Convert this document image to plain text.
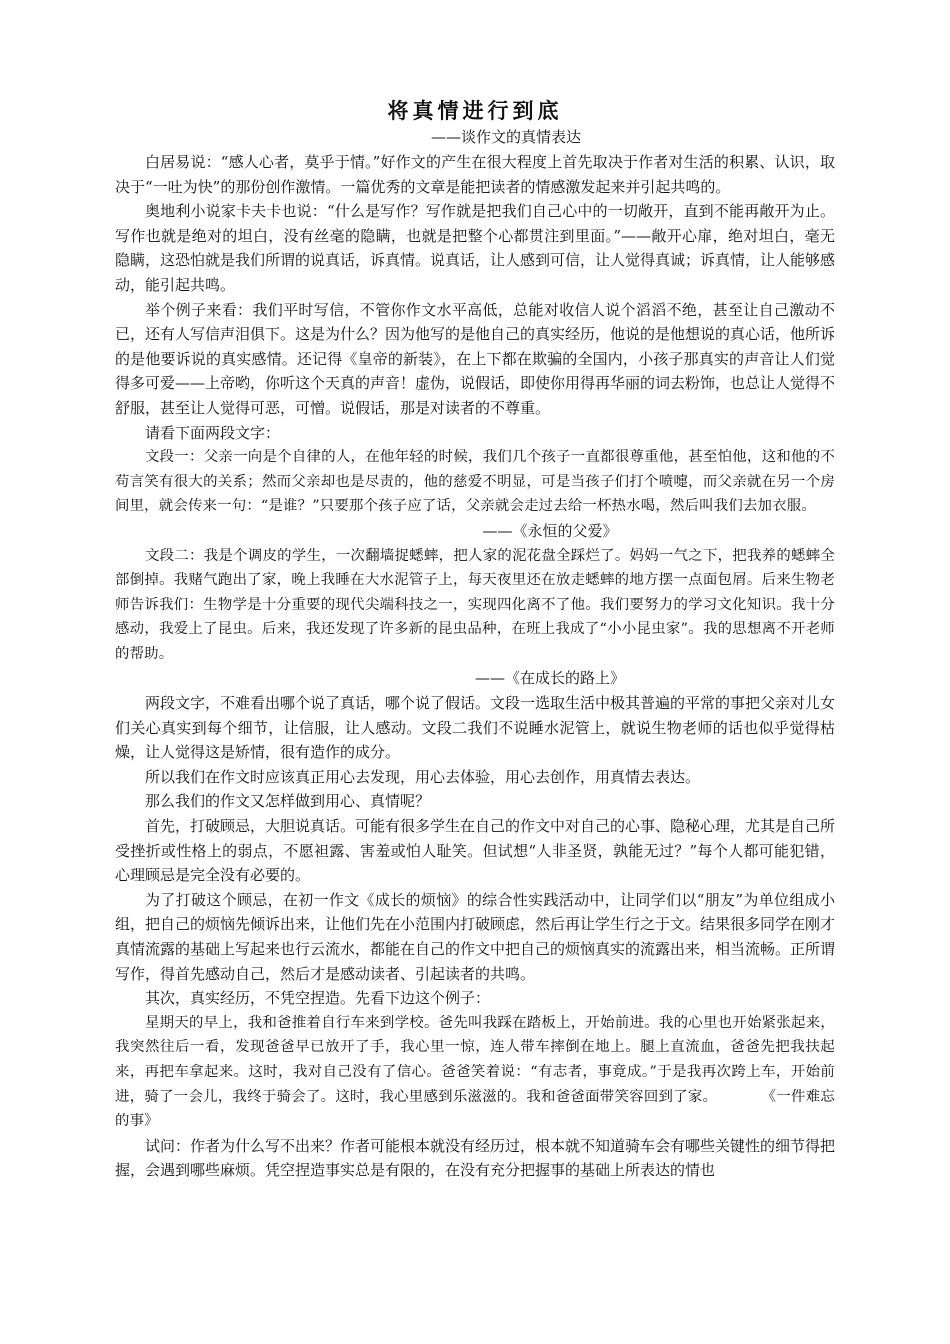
将真情进行到底
——谈作文的真情表达

白居易说：“感人心者，莫乎于情。”好作文的产生在很大程度上首先取决于作者对生活的积累、认识，取决于“一吐为快”的那份创作激情。一篇优秀的文章是能把读者的情感激发起来并引起共鸣的。

奥地利小说家卡夫卡也说：“什么是写作？写作就是把我们自己心中的一切敞开，直到不能再敞开为止。写作也就是绝对的坦白，没有丝毫的隐瞒，也就是把整个心都贯注到里面。”——敞开心扉，绝对坦白，毫无隐瞒，这恐怕就是我们所谓的说真话，诉真情。说真话，让人感到可信，让人觉得真诚；诉真情，让人能够感动，能引起共鸣。

举个例子来看：我们平时写信，不管你作文水平高低，总能对收信人说个滔滔不绝，甚至让自己激动不已，还有人写信声泪俱下。这是为什么？因为他写的是他自己的真实经历，他说的是他想说的真心话，他所诉的是他要诉说的真实感情。还记得《皇帝的新装》，在上下都在欺骗的全国内，小孩子那真实的声音让人们觉得多可爱——上帝哟，你听这个天真的声音！虚伪，说假话，即使你用得再华丽的词去粉饰，也总让人觉得不舒服，甚至让人觉得可恶，可憎。说假话，那是对读者的不尊重。

请看下面两段文字：

文段一：父亲一向是个自律的人，在他年轻的时候，我们几个孩子一直都很尊重他，甚至怕他，这和他的不苟言笑有很大的关系；然而父亲却也是尽责的，他的慈爱不明显，可是当孩子们打个喷嚏，而父亲就在另一个房间里，就会传来一句：“是谁？”只要那个孩子应了话，父亲就会走过去给一杯热水喝，然后叫我们去加衣服。

——《永恒的父爱》

文段二：我是个调皮的学生，一次翻墙捉蟋蟀，把人家的泥花盘全踩烂了。妈妈一气之下，把我养的蟋蟀全部倒掉。我赌气跑出了家，晚上我睡在大水泥管子上，每天夜里还在放走蟋蟀的地方摆一点面包屑。后来生物老师告诉我们：生物学是十分重要的现代尖端科技之一，实现四化离不了他。我们要努力的学习文化知识。我十分感动，我爱上了昆虫。后来，我还发现了许多新的昆虫品种，在班上我成了“小小昆虫家”。我的思想离不开老师的帮助。

——《在成长的路上》

两段文字，不难看出哪个说了真话，哪个说了假话。文段一选取生活中极其普遍的平常的事把父亲对儿女们关心真实到每个细节，让信服，让人感动。文段二我们不说睡水泥管上，就说生物老师的话也似乎觉得枯燥，让人觉得这是矫情，很有造作的成分。

所以我们在作文时应该真正用心去发现，用心去体验，用心去创作，用真情去表达。

那么我们的作文又怎样做到用心、真情呢？

首先，打破顾忌，大胆说真话。可能有很多学生在自己的作文中对自己的心事、隐秘心理，尤其是自己所受挫折或性格上的弱点，不愿袒露、害羞或怕人耻笑。但试想“人非圣贤，孰能无过？”每个人都可能犯错，心理顾忌是完全没有必要的。

为了打破这个顾忌，在初一作文《成长的烦恼》的综合性实践活动中，让同学们以“朋友”为单位组成小组，把自己的烦恼先倾诉出来，让他们先在小范围内打破顾虑，然后再让学生行之于文。结果很多同学在刚才真情流露的基础上写起来也行云流水，都能在自己的作文中把自己的烦恼真实的流露出来，相当流畅。正所谓写作，得首先感动自己，然后才是感动读者、引起读者的共鸣。

其次，真实经历，不凭空捏造。先看下边这个例子：

星期天的早上，我和爸推着自行车来到学校。爸先叫我踩在踏板上，开始前进。我的心里也开始紧张起来，我突然往后一看，发现爸爸早已放开了手，我心里一惊，连人带车摔倒在地上。腿上直流血，爸爸先把我扶起来，再把车拿起来。这时，我对自己没有了信心。爸爸笑着说：“有志者，事竟成。”于是我再次跨上车，开始前进，骑了一会儿，我终于骑会了。这时，我心里感到乐滋滋的。我和爸爸面带笑容回到了家。　　　　《一件难忘的事》

试问：作者为什么写不出来？作者可能根本就没有经历过，根本就不知道骑车会有哪些关键性的细节得把握，会遇到哪些麻烦。凭空捏造事实总是有限的，在没有充分把握事的基础上所表达的情也
